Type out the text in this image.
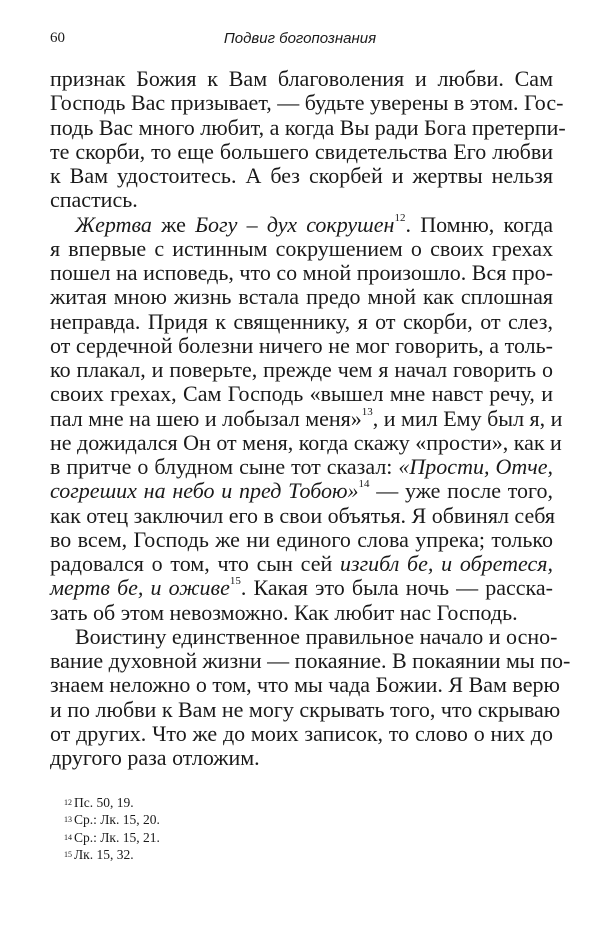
60	Подвиг богопознания
признак Божия к Вам благоволения и любви. Сам
Господь Вас призывает, — будьте уверены в этом. Гос-
подь Вас много любит, а когда Вы ради Бога претерпи-
те скорби, то еще большего свидетельства Его любви
к Вам удостоитесь. А без скорбей и жертвы нельзя
спастись.
Жертва же Богу – дух сокрушен$^{12}$. Помню, когда
я впервые с истинным сокрушением о своих грехах
пошел на исповедь, что со мной произошло. Вся про-
житая мною жизнь встала предо мной как сплошная
неправда. Придя к священнику, я от скорби, от слез,
от сердечной болезни ничего не мог говорить, а толь-
ко плакал, и поверьте, прежде чем я начал говорить о
своих грехах, Сам Господь «вышел мне навст речу, и
пал мне на шею и лобызал меня»$^{13}$, и мил Ему был я, и
не дожидался Он от меня, когда скажу «прости», как и
в притче о блудном сыне тот сказал: «Прости, Отче,
согреших на небо и пред Тобою»$^{14}$ — уже после того,
как отец заключил его в свои объятья. Я обвинял себя
во всем, Господь же ни единого слова упрека; только
радовался о том, что сын сей изгибл бе, и обретеся,
мертв бе, и оживе$^{15}$. Какая это была ночь — расска-
зать об этом невозможно. Как любит нас Господь.
Воистину единственное правильное начало и осно-
вание духовной жизни — покаяние. В покаянии мы по-
знаем неложно о том, что мы чада Божии. Я Вам верю
и по любви к Вам не могу скрывать того, что скрываю
от других. Что же до моих записок, то слово о них до
другого раза отложим.
$^{12}$ Пс. 50, 19.
$^{13}$ Ср.: Лк. 15, 20.
$^{14}$ Ср.: Лк. 15, 21.
$^{15}$ Лк. 15, 32.
